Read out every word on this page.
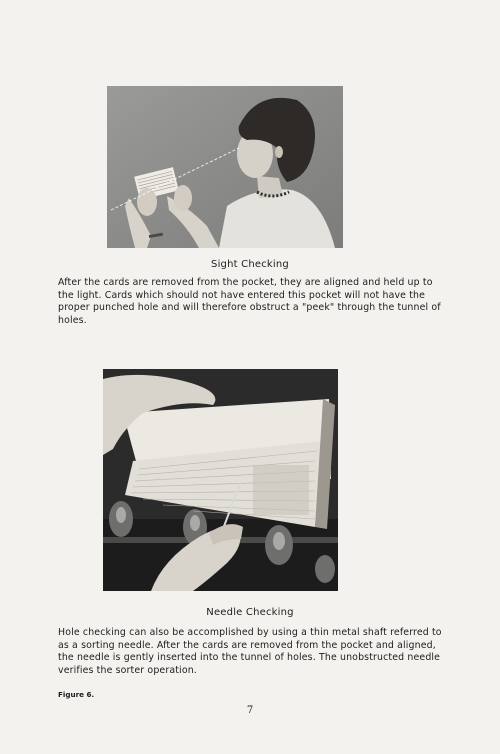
Sight Checking
After the cards are removed from the pocket, they are aligned and held up to the light. Cards which should not have entered this pocket will not have the proper punched hole and will therefore obstruct a "peek" through the tunnel of holes.
Needle Checking
Hole checking can also be accomplished by using a thin metal shaft referred to as a sorting needle. After the cards are removed from the pocket and aligned, the needle is gently inserted into the tunnel of holes. The unobstructed needle verifies the sorter operation.
Figure 6.
7
